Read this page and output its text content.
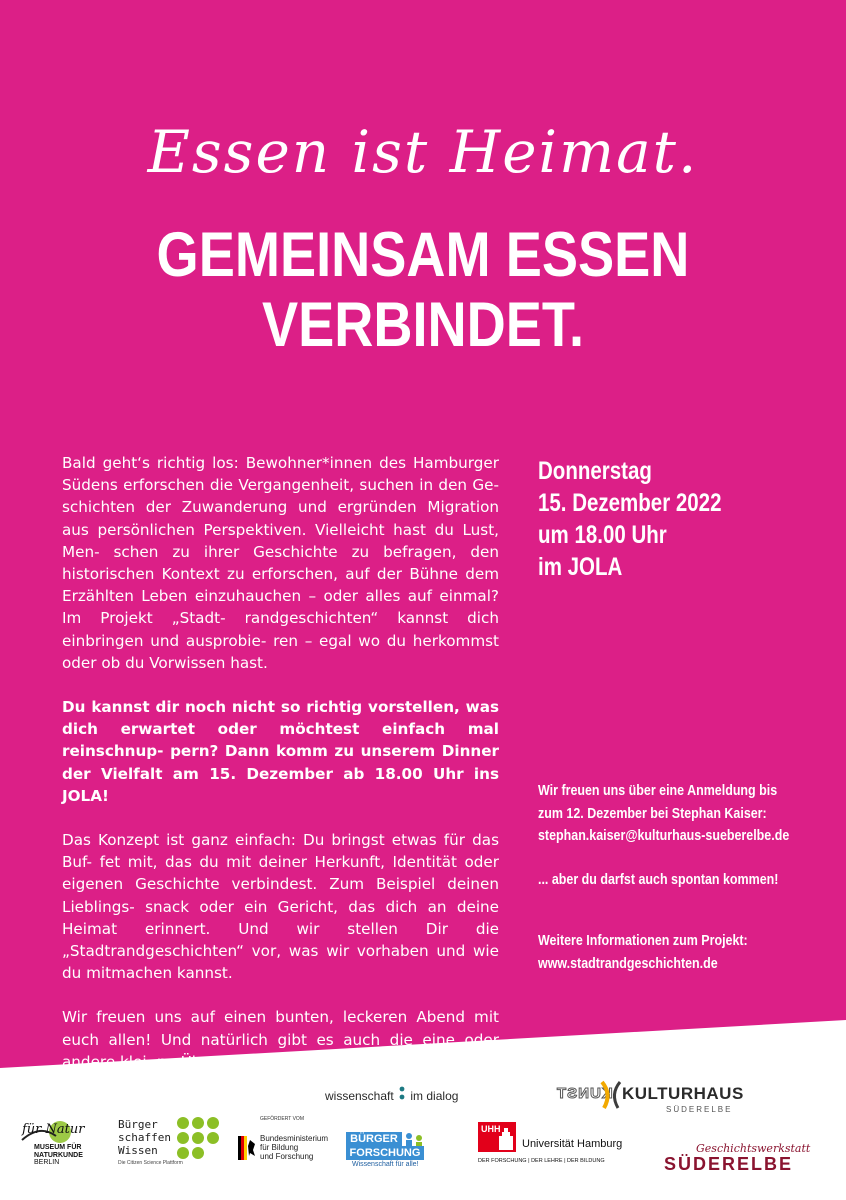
Essen ist Heimat.
GEMEINSAM ESSEN
VERBINDET.

Bald geht‘s richtig los: Bewohner*innen des Hamburger Südens erforschen die Vergangenheit, suchen in den Ge- schichten der Zuwanderung und ergründen Migration aus persönlichen Perspektiven. Vielleicht hast du Lust, Men- schen zu ihrer Geschichte zu befragen, den historischen Kontext zu erforschen, auf der Bühne dem Erzählten Leben einzuhauchen – oder alles auf einmal? Im Projekt „Stadt- randgeschichten“ kannst dich einbringen und ausprobie- ren – egal wo du herkommst oder ob du Vorwissen hast.

Du kannst dir noch nicht so richtig vorstellen, was dich erwartet oder möchtest einfach mal reinschnup- pern? Dann komm zu unserem Dinner der Vielfalt am 15. Dezember ab 18.00 Uhr ins JOLA!

Das Konzept ist ganz einfach: Du bringst etwas für das Buf- fet mit, das du mit deiner Herkunft, Identität oder eigenen Geschichte verbindest. Zum Beispiel deinen Lieblings- snack oder ein Gericht, das dich an deine Heimat erinnert. Und wir stellen Dir die „Stadtrandgeschichten“ vor, was wir vorhaben und wie du mitmachen kannst.

Wir freuen uns auf einen bunten, leckeren Abend mit euch allen! Und natürlich gibt es auch die eine oder andere klei- ne Überraschung...

Donnerstag
15. Dezember 2022
um 18.00 Uhr
im JOLA
Wir freuen uns über eine Anmeldung bis
zum 12. Dezember bei Stephan Kaiser:
stephan.kaiser@kulturhaus-sueberelbe.de
... aber du darfst auch spontan kommen!
Weitere Informationen zum Projekt:
www.stadtrandgeschichten.de
wissenschaft im dialog	KUNST KULTURHAUS
SÜDERELBE
für Natur
MUSEUM FÜR
NATURKUNDE
BERLIN
Bürger
schaffen
Wissen
Die Citizen Science Plattform
GEFÖRDERT VOM
Bundesministerium
für Bildung
und Forschung
BÜRGER
FORSCHUNG
Wissenschaft für alle!
UHH
Universität Hamburg
DER FORSCHUNG | DER LEHRE | DER BILDUNG
Geschichtswerkstatt
SÜDERELBE
